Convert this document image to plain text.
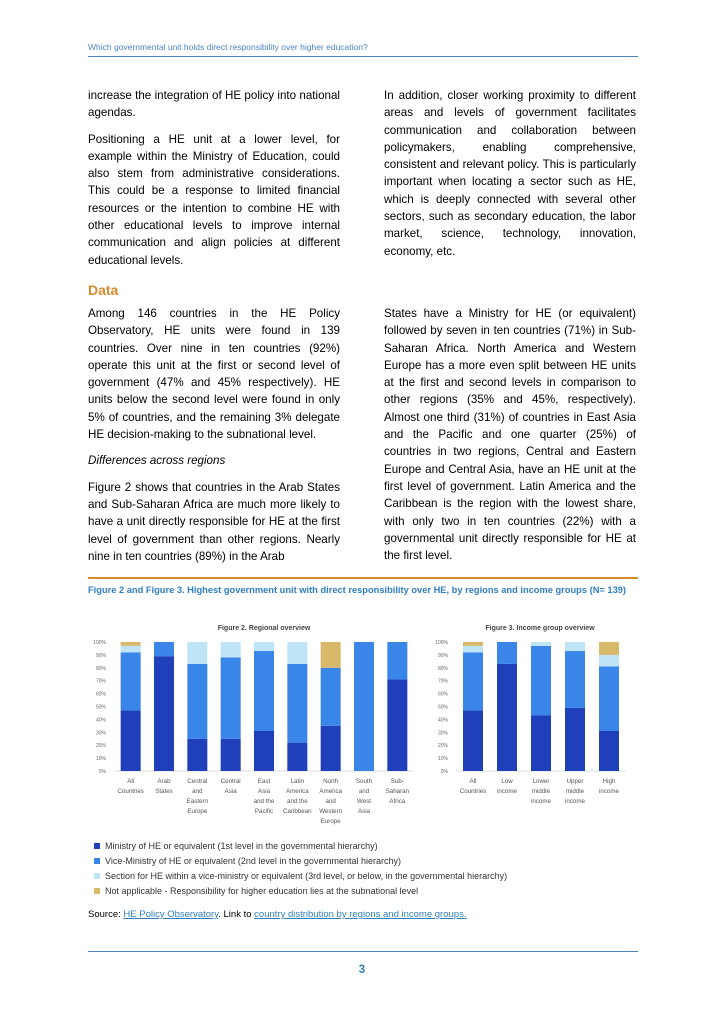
Which governmental unit holds direct responsibility over higher education?

increase the integration of HE policy into national agendas.

Positioning a HE unit at a lower level, for example within the Ministry of Education, could also stem from administrative considerations. This could be a response to limited financial resources or the intention to combine HE with other educational levels to improve internal communication and align policies at different educational levels.

In addition, closer working proximity to different areas and levels of government facilitates communication and collaboration between policymakers, enabling comprehensive, consistent and relevant policy. This is particularly important when locating a sector such as HE, which is deeply connected with several other sectors, such as secondary education, the labor market, science, technology, innovation, economy, etc.

Data

Among 146 countries in the HE Policy Observatory, HE units were found in 139 countries. Over nine in ten countries (92%) operate this unit at the first or second level of government (47% and 45% respectively). HE units below the second level were found in only 5% of countries, and the remaining 3% delegate HE decision-making to the subnational level.

Differences across regions

Figure 2 shows that countries in the Arab States and Sub-Saharan Africa are much more likely to have a unit directly responsible for HE at the first level of government than other regions. Nearly nine in ten countries (89%) in the Arab

States have a Ministry for HE (or equivalent) followed by seven in ten countries (71%) in Sub-Saharan Africa. North America and Western Europe has a more even split between HE units at the first and second levels in comparison to other regions (35% and 45%, respectively). Almost one third (31%) of countries in East Asia and the Pacific and one quarter (25%) of countries in two regions, Central and Eastern Europe and Central Asia, have an HE unit at the first level of government. Latin America and the Caribbean is the region with the lowest share, with only two in ten countries (22%) with a governmental unit directly responsible for HE at the first level.

Figure 2 and Figure 3. Highest government unit with direct responsibility over HE, by regions and income groups (N= 139)
Figure 2. Regional overview
0%
10%
20%
30%
40%
50%
60%
70%
80%
90%
100%
All
Countries
Arab
States
Central
and
Eastern
Europe
Central
Asia
East
Asia
and the
Pacific
Latin
America
and the
Caribbean
North
America
and
Western
Europe
South
and
West
Asia
Sub-
Saharan
Africa
Figure 3. Income group overview
0%
10%
20%
30%
40%
50%
60%
70%
80%
90%
100%
All
Countries
Low
income
Lower
middle
income
Upper
middle
income
High
income
Ministry of HE or equivalent (1st level in the governmental hierarchy)
Vice-Ministry of HE or equivalent (2nd level in the governmental hierarchy)
Section for HE within a vice-ministry or equivalent (3rd level, or below, in the governmental hierarchy)
Not applicable - Responsibility for higher education lies at the subnational level
Source: HE Policy Observatory. Link to country distribution by regions and income groups.
3
